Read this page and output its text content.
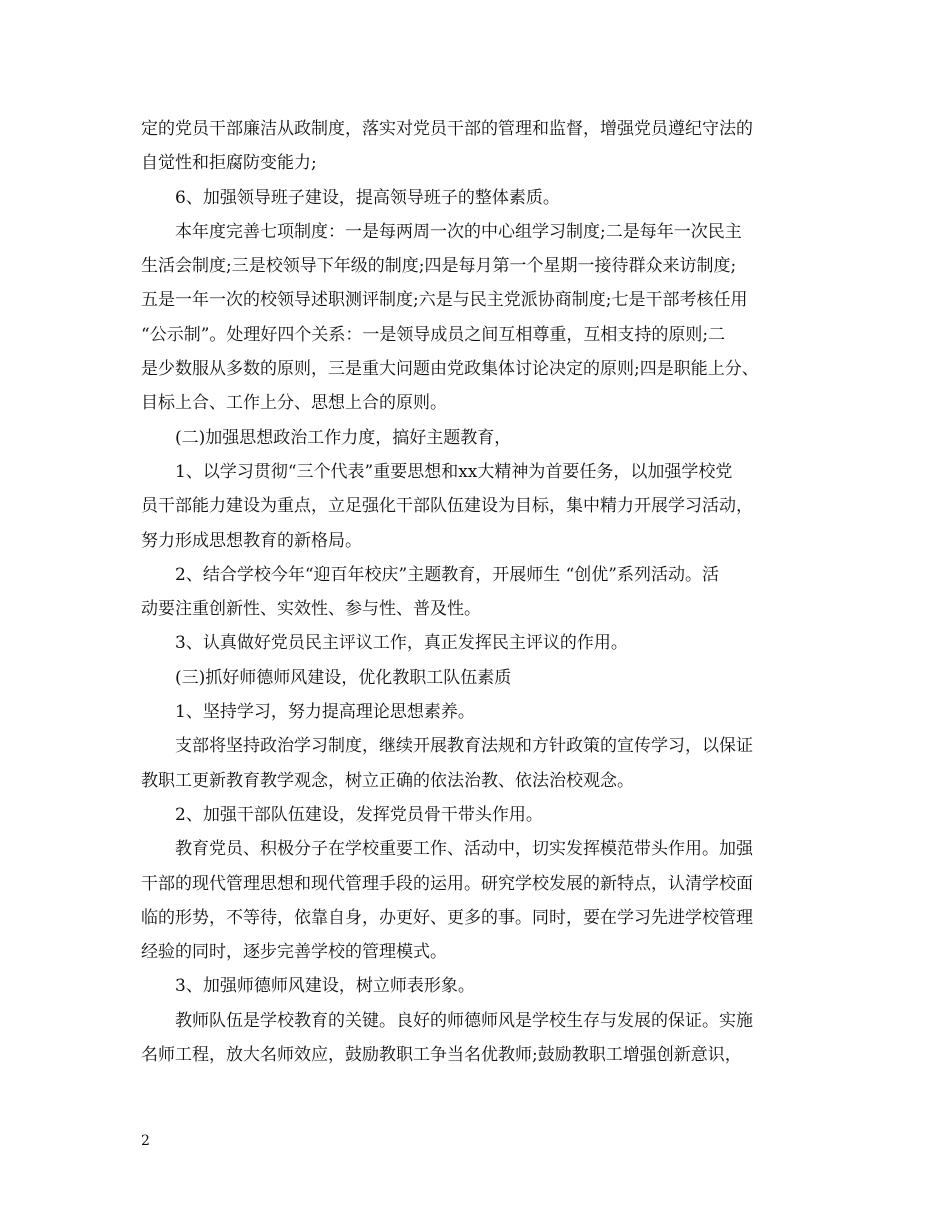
定的党员干部廉洁从政制度，落实对党员干部的管理和监督，增强党员遵纪守法的
自觉性和拒腐防变能力;
6、加强领导班子建设，提高领导班子的整体素质。
本年度完善七项制度：一是每两周一次的中心组学习制度;二是每年一次民主
生活会制度;三是校领导下年级的制度;四是每月第一个星期一接待群众来访制度;
五是一年一次的校领导述职测评制度;六是与民主党派协商制度;七是干部考核任用
“公示制”。处理好四个关系：一是领导成员之间互相尊重，互相支持的原则;二
是少数服从多数的原则，三是重大问题由党政集体讨论决定的原则;四是职能上分、
目标上合、工作上分、思想上合的原则。
(二)加强思想政治工作力度，搞好主题教育，
1、以学习贯彻“三个代表”重要思想和xx大精神为首要任务，以加强学校党
员干部能力建设为重点，立足强化干部队伍建设为目标，集中精力开展学习活动，
努力形成思想教育的新格局。
2、结合学校今年“迎百年校庆”主题教育，开展师生 “创优”系列活动。活
动要注重创新性、实效性、参与性、普及性。
3、认真做好党员民主评议工作，真正发挥民主评议的作用。
(三)抓好师德师风建设，优化教职工队伍素质
1、坚持学习，努力提高理论思想素养。
支部将坚持政治学习制度，继续开展教育法规和方针政策的宣传学习，以保证
教职工更新教育教学观念，树立正确的依法治教、依法治校观念。
2、加强干部队伍建设，发挥党员骨干带头作用。
教育党员、积极分子在学校重要工作、活动中，切实发挥模范带头作用。加强
干部的现代管理思想和现代管理手段的运用。研究学校发展的新特点，认清学校面
临的形势，不等待，依靠自身，办更好、更多的事。同时，要在学习先进学校管理
经验的同时，逐步完善学校的管理模式。
3、加强师德师风建设，树立师表形象。
教师队伍是学校教育的关键。良好的师德师风是学校生存与发展的保证。实施
名师工程，放大名师效应，鼓励教职工争当名优教师;鼓励教职工增强创新意识，
2
